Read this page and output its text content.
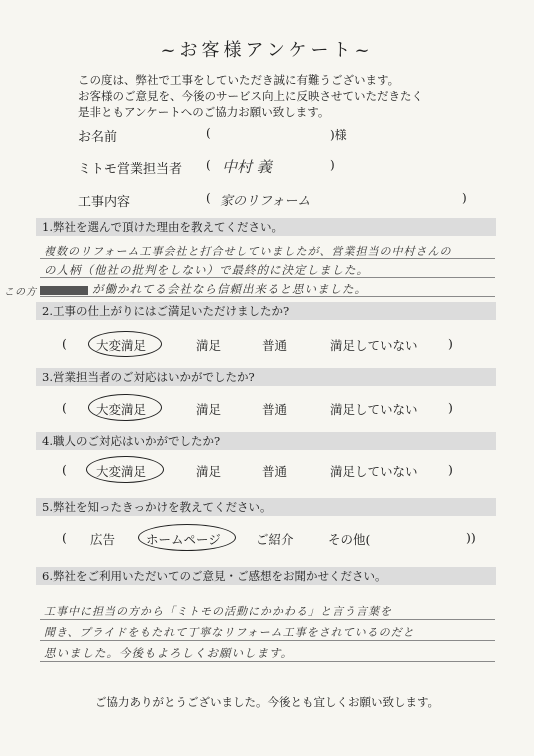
~お客様アンケート~
この度は、弊社で工事をしていただき誠に有難うございます。
お客様のご意見を、今後のサービス向上に反映させていただきたく
是非ともアンケートへのご協力お願い致します。
お名前	(	)様
ミトモ営業担当者 ( 中村 義	)
工事内容	( 家のリフォーム	)
1.弊社を選んで頂けた理由を教えてください。
複数のリフォーム工事会社と打合せしていましたが、営業担当の中村さんの
の人柄（他社の批判をしない）で最終的に決定しました。
この方	が働かれてる会社なら信頼出来ると思いました。
2.工事の仕上がりにはご満足いただけましたか?
( 大変満足	満足	普通	満足していない )
3.営業担当者のご対応はいかがでしたか?
( 大変満足	満足	普通	満足していない )
4.職人のご対応はいかがでしたか?
( 大変満足	満足	普通	満足していない )
5.弊社を知ったきっかけを教えてください。
( 広告 ホームページ	ご紹介	その他(	))
6.弊社をご利用いただいてのご意見・ご感想をお聞かせください。
工事中に担当の方から「ミトモの活動にかかわる」と言う言葉を
聞き、プライドをもたれて丁寧なリフォーム工事をされているのだと
思いました。今後もよろしくお願いします。
ご協力ありがとうございました。今後とも宜しくお願い致します。
